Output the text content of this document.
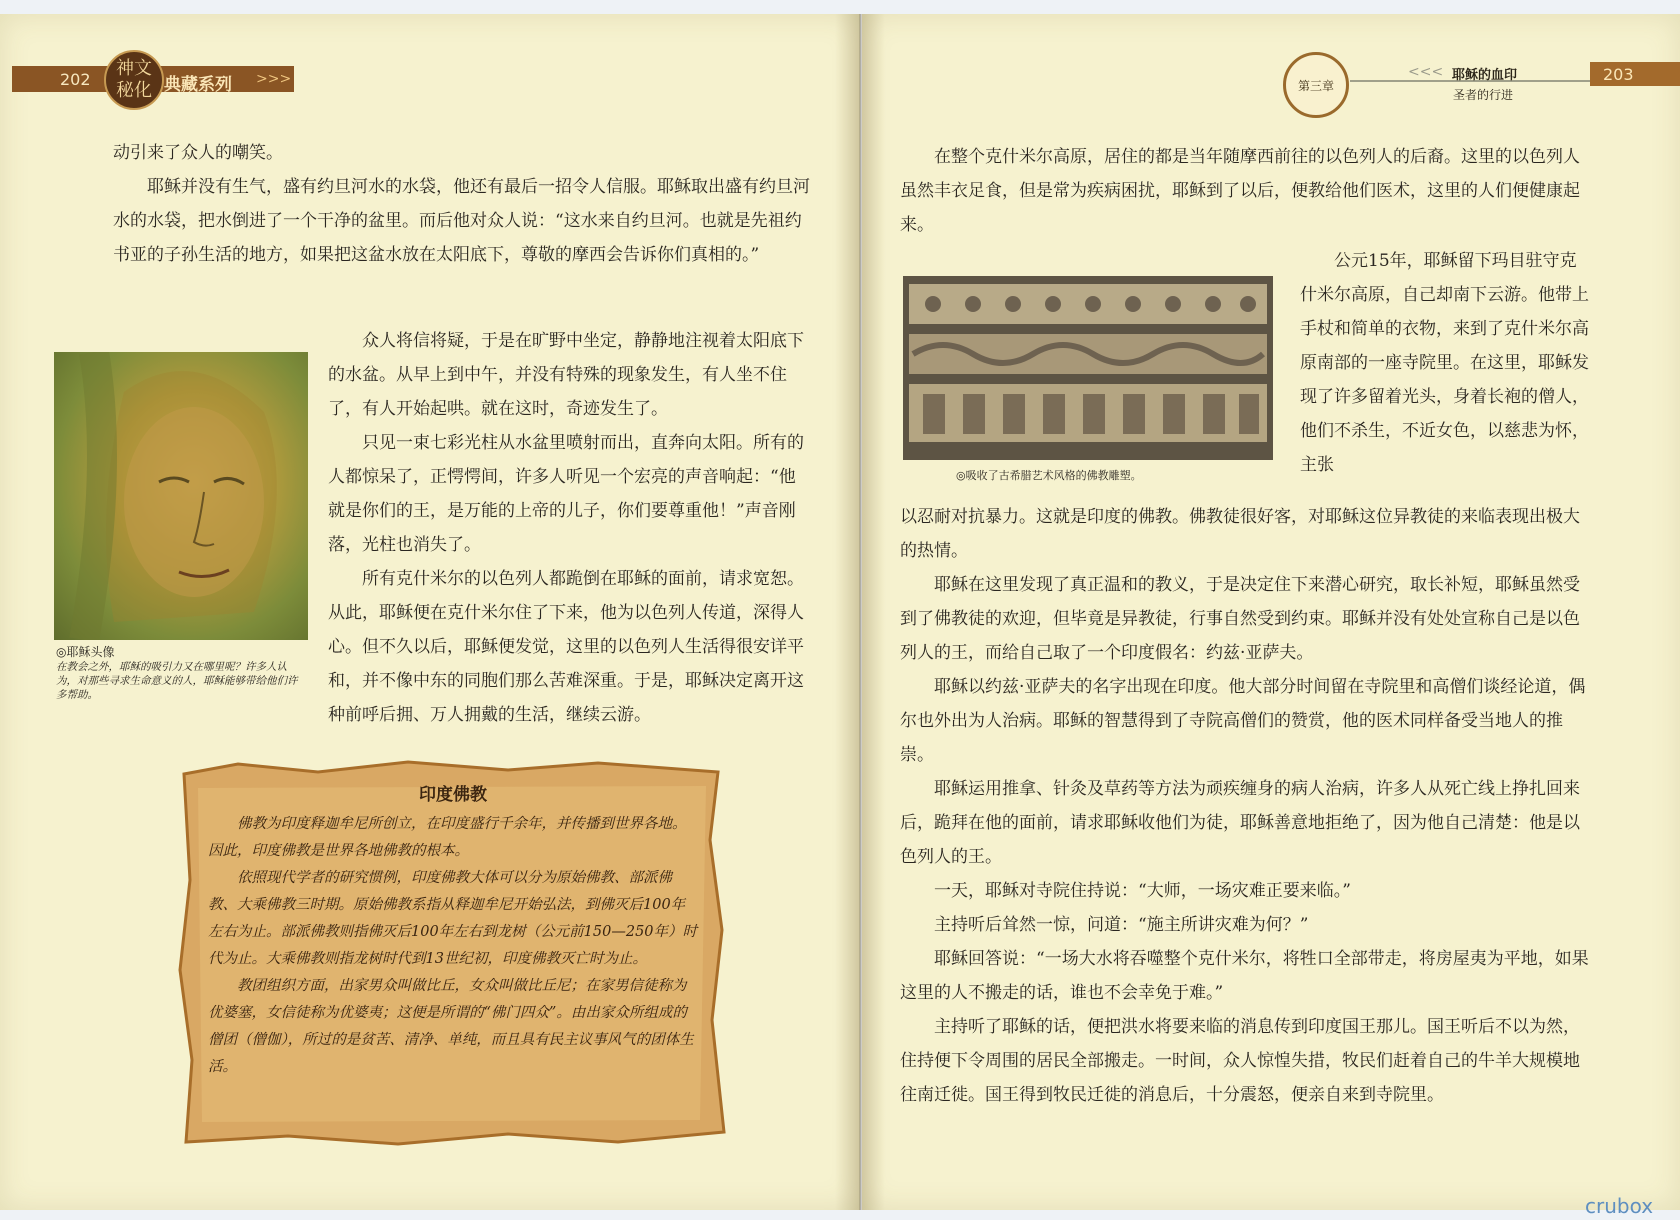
202
神文
秘化 典藏系列 >>>	第三章
<<< 耶稣的血印
圣者的行进
203

动引来了众人的嘲笑。

耶稣并没有生气，盛有约旦河水的水袋，他还有最后一招令人信服。耶稣取出盛有约旦河水的水袋，把水倒进了一个干净的盆里。而后他对众人说：“这水来自约旦河。也就是先祖约书亚的子孙生活的地方，如果把这盆水放在太阳底下，尊敬的摩西会告诉你们真相的。”

◎耶稣头像
在教会之外，耶稣的吸引力又在哪里呢？许多人认为，对那些寻求生命意义的人，耶稣能够带给他们许多帮助。

众人将信将疑，于是在旷野中坐定，静静地注视着太阳底下的水盆。从早上到中午，并没有特殊的现象发生，有人坐不住了，有人开始起哄。就在这时，奇迹发生了。

只见一束七彩光柱从水盆里喷射而出，直奔向太阳。所有的人都惊呆了，正愕愕间，许多人听见一个宏亮的声音响起：“他就是你们的王，是万能的上帝的儿子，你们要尊重他！”声音刚落，光柱也消失了。

所有克什米尔的以色列人都跪倒在耶稣的面前，请求宽恕。从此，耶稣便在克什米尔住了下来，他为以色列人传道，深得人心。但不久以后，耶稣便发觉，这里的以色列人生活得很安详平和，并不像中东的同胞们那么苦难深重。于是，耶稣决定离开这种前呼后拥、万人拥戴的生活，继续云游。

印度佛教

佛教为印度释迦牟尼所创立，在印度盛行千余年，并传播到世界各地。因此，印度佛教是世界各地佛教的根本。

依照现代学者的研究惯例，印度佛教大体可以分为原始佛教、部派佛教、大乘佛教三时期。原始佛教系指从释迦牟尼开始弘法，到佛灭后100年左右为止。部派佛教则指佛灭后100年左右到龙树（公元前150—250年）时代为止。大乘佛教则指龙树时代到13世纪初，印度佛教灭亡时为止。

教团组织方面，出家男众叫做比丘，女众叫做比丘尼；在家男信徒称为优婆塞，女信徒称为优婆夷；这便是所谓的“佛门四众”。由出家众所组成的僧团（僧伽），所过的是贫苦、清净、单纯，而且具有民主议事风气的团体生活。

在整个克什米尔高原，居住的都是当年随摩西前往的以色列人的后裔。这里的以色列人虽然丰衣足食，但是常为疾病困扰，耶稣到了以后，便教给他们医术，这里的人们便健康起来。

◎吸收了古希腊艺术风格的佛教雕塑。

公元15年，耶稣留下玛目驻守克什米尔高原，自己却南下云游。他带上手杖和简单的衣物，来到了克什米尔高原南部的一座寺院里。在这里，耶稣发现了许多留着光头，身着长袍的僧人，他们不杀生，不近女色，以慈悲为怀，主张

以忍耐对抗暴力。这就是印度的佛教。佛教徒很好客，对耶稣这位异教徒的来临表现出极大的热情。

耶稣在这里发现了真正温和的教义，于是决定住下来潜心研究，取长补短，耶稣虽然受到了佛教徒的欢迎，但毕竟是异教徒，行事自然受到约束。耶稣并没有处处宣称自己是以色列人的王，而给自己取了一个印度假名：约兹·亚萨夫。

耶稣以约兹·亚萨夫的名字出现在印度。他大部分时间留在寺院里和高僧们谈经论道，偶尔也外出为人治病。耶稣的智慧得到了寺院高僧们的赞赏，他的医术同样备受当地人的推崇。

耶稣运用推拿、针灸及草药等方法为顽疾缠身的病人治病，许多人从死亡线上挣扎回来后，跪拜在他的面前，请求耶稣收他们为徒，耶稣善意地拒绝了，因为他自己清楚：他是以色列人的王。

一天，耶稣对寺院住持说：“大师，一场灾难正要来临。”

主持听后耸然一惊，问道：“施主所讲灾难为何？”

耶稣回答说：“一场大水将吞噬整个克什米尔，将牲口全部带走，将房屋夷为平地，如果这里的人不搬走的话，谁也不会幸免于难。”

主持听了耶稣的话，便把洪水将要来临的消息传到印度国王那儿。国王听后不以为然，住持便下令周围的居民全部搬走。一时间，众人惊惶失措，牧民们赶着自己的牛羊大规模地往南迁徙。国王得到牧民迁徙的消息后，十分震怒，便亲自来到寺院里。

crubox
